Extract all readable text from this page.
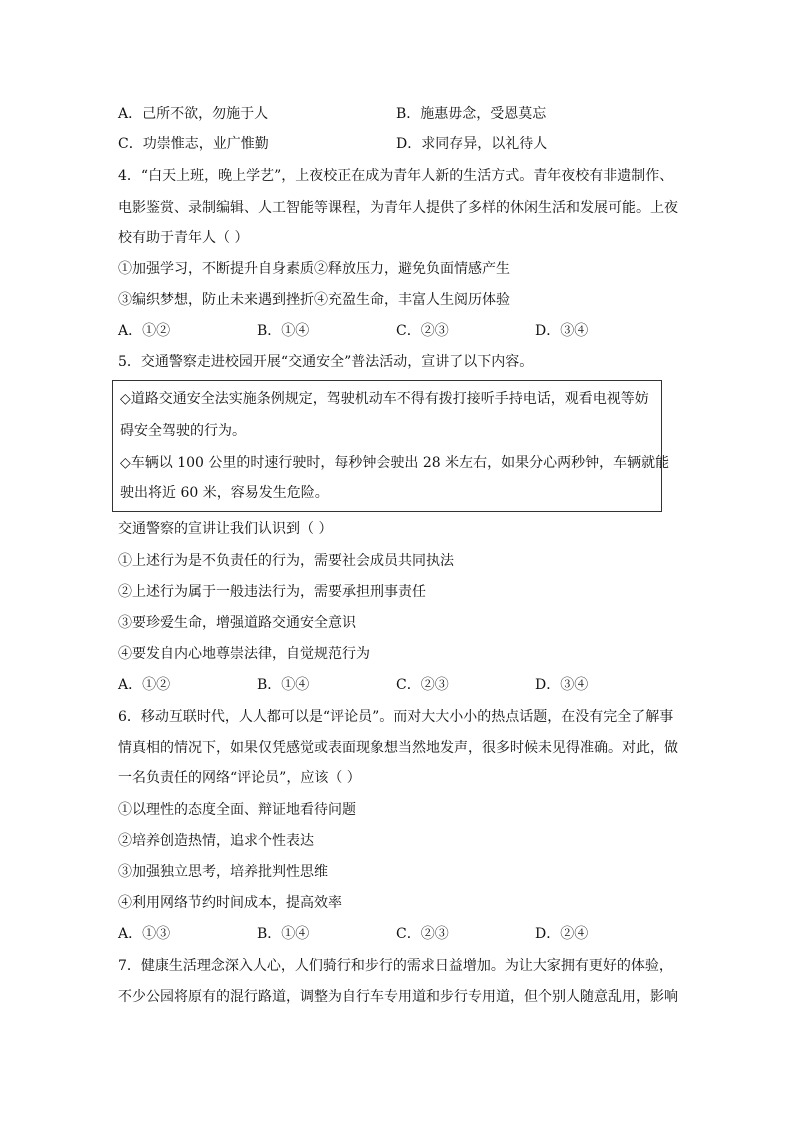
A．己所不欲，勿施于人	B．施惠毋念，受恩莫忘
C．功崇惟志，业广惟勤	D．求同存异，以礼待人
4．“白天上班，晚上学艺”，上夜校正在成为青年人新的生活方式。青年夜校有非遗制作、
电影鉴赏、录制编辑、人工智能等课程，为青年人提供了多样的休闲生活和发展可能。上夜
校有助于青年人（ ）
①加强学习，不断提升自身素质②释放压力，避免负面情感产生
③编织梦想，防止未来遇到挫折④充盈生命，丰富人生阅历体验
A．①②	B．①④	C．②③	D．③④
5．交通警察走进校园开展“交通安全”普法活动，宣讲了以下内容。
◇道路交通安全法实施条例规定，驾驶机动车不得有拨打接听手持电话，观看电视等妨
碍安全驾驶的行为。
◇车辆以 100 公里的时速行驶时，每秒钟会驶出 28 米左右，如果分心两秒钟，车辆就能
驶出将近 60 米，容易发生危险。
交通警察的宣讲让我们认识到（ ）
①上述行为是不负责任的行为，需要社会成员共同执法
②上述行为属于一般违法行为，需要承担刑事责任
③要珍爱生命，增强道路交通安全意识
④要发自内心地尊崇法律，自觉规范行为
A．①②	B．①④	C．②③	D．③④
6．移动互联时代，人人都可以是“评论员”。而对大大小小的热点话题，在没有完全了解事
情真相的情况下，如果仅凭感觉或表面现象想当然地发声，很多时候未见得准确。对此，做
一名负责任的网络“评论员”，应该（ ）
①以理性的态度全面、辩证地看待问题
②培养创造热情，追求个性表达
③加强独立思考，培养批判性思维
④利用网络节约时间成本，提高效率
A．①③	B．①④	C．②③	D．②④
7．健康生活理念深入人心，人们骑行和步行的需求日益增加。为让大家拥有更好的体验，
不少公园将原有的混行路道，调整为自行车专用道和步行专用道，但个别人随意乱用，影响
